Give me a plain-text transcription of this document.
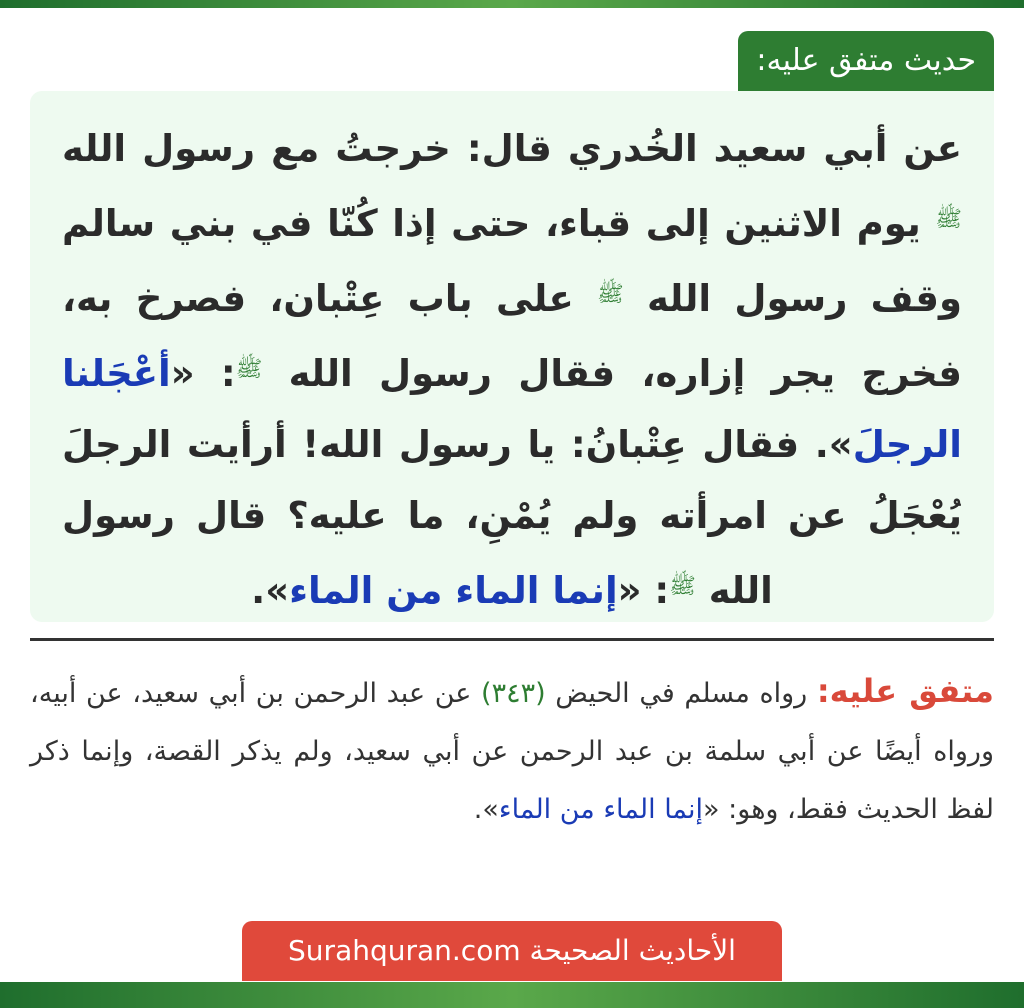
حديث متفق عليه:
عن أبي سعيد الخُدري قال: خرجتُ مع رسول الله $^ﷺ$ يوم الاثنين إلى قباء، حتى إذا كُنّا في بني سالم وقف رسول الله $^ﷺ$ على باب عِتْبان، فصرخ به، فخرج يجر إزاره، فقال رسول الله $^ﷺ$: «أعْجَلنا الرجلَ». فقال عِتْبانُ: يا رسول الله! أرأيت الرجلَ يُعْجَلُ عن امرأته ولم يُمْنِ، ما عليه؟ قال رسول الله $^ﷺ$: «إنما الماء من الماء».
متفق عليه: رواه مسلم في الحيض (٣٤٣) عن عبد الرحمن بن أبي سعيد، عن أبيه، ورواه أيضًا عن أبي سلمة بن عبد الرحمن عن أبي سعيد، ولم يذكر القصة، وإنما ذكر لفظ الحديث فقط، وهو: «إنما الماء من الماء».
الأحاديث الصحيحة Surahquran.com
